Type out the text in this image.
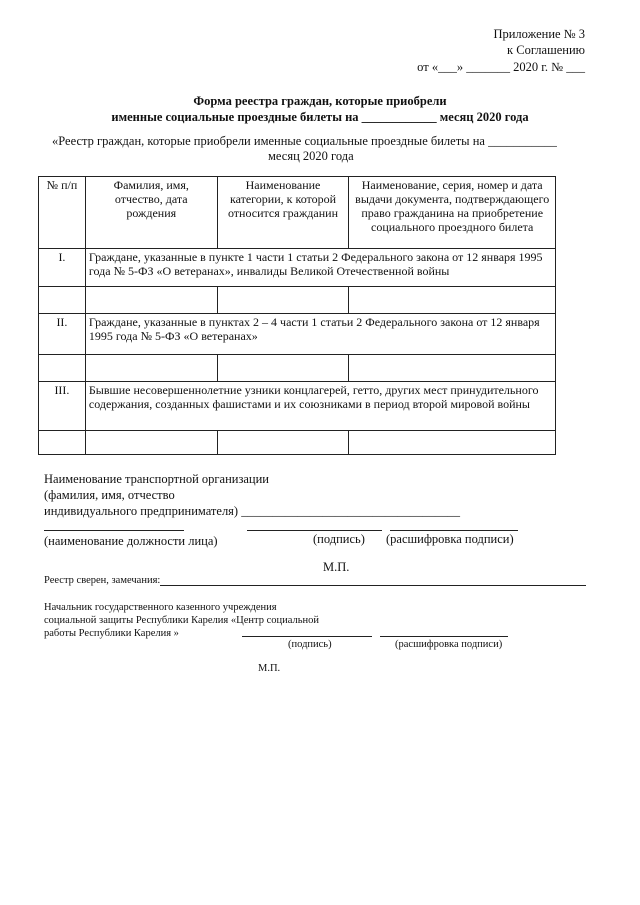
Приложение № 3
к Соглашению
от «___» _______ 2020 г. № ___
Форма реестра граждан, которые приобрели
именные социальные проездные билеты на ____________ месяц 2020 года
«Реестр граждан, которые приобрели именные социальные проездные билеты на ___________
месяц 2020 года
№ п/п	Фамилия, имя, отчество, дата рождения	Наименование категории, к которой относится гражданин	Наименование, серия, номер и дата выдачи документа, подтверждающего право гражданина на приобретение социального проездного билета
I.	Граждане, указанные в пункте 1 части 1 статьи 2 Федерального закона от 12 января 1995 года № 5-ФЗ «О ветеранах», инвалиды Великой Отечественной войны		

II.	Граждане, указанные в пунктах 2 – 4 части 1 статьи 2 Федерального закона от 12 января 1995 года № 5-ФЗ «О ветеранах»		

III.	Бывшие несовершеннолетние узники концлагерей, гетто, других мест принудительного содержания, созданных фашистами и их союзниками в период второй мировой войны		

Наименование транспортной организации
(фамилия, имя, отчество
индивидуального предпринимателя) ___________________________________
(наименование должности лица)	(подпись) (расшифровка подписи)
М.П.
Реестр сверен, замечания:
Начальник государственного казенного учреждения
социальной защиты Республики Карелия «Центр социальной
работы Республики Карелия »
(подпись)	(расшифровка подписи)
М.П.
